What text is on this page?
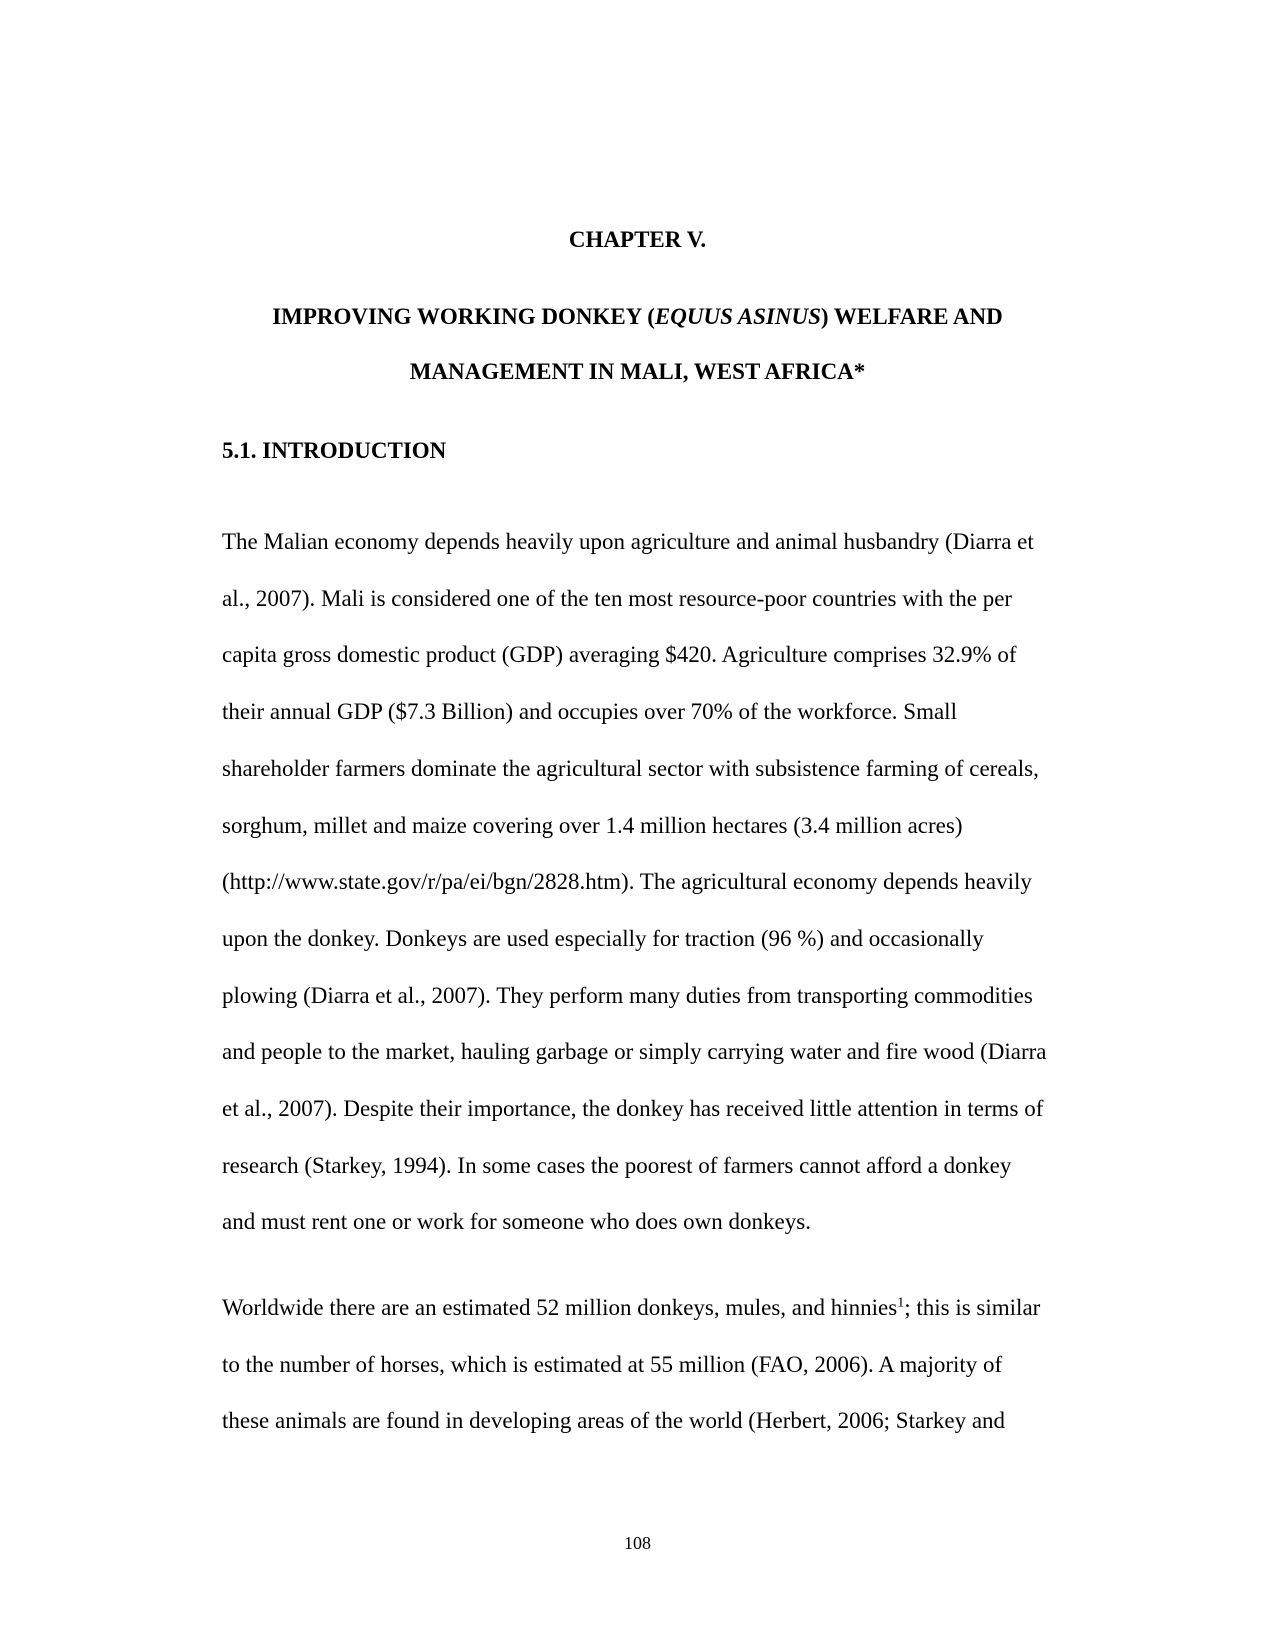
CHAPTER V.
IMPROVING WORKING DONKEY (EQUUS ASINUS) WELFARE AND
MANAGEMENT IN MALI, WEST AFRICA*
5.1. INTRODUCTION
The Malian economy depends heavily upon agriculture and animal husbandry (Diarra et
al., 2007). Mali is considered one of the ten most resource-poor countries with the per
capita gross domestic product (GDP) averaging $420. Agriculture comprises 32.9% of
their annual GDP ($7.3 Billion) and occupies over 70% of the workforce. Small
shareholder farmers dominate the agricultural sector with subsistence farming of cereals,
sorghum, millet and maize covering over 1.4 million hectares (3.4 million acres)
(http://www.state.gov/r/pa/ei/bgn/2828.htm). The agricultural economy depends heavily
upon the donkey. Donkeys are used especially for traction (96 %) and occasionally
plowing (Diarra et al., 2007). They perform many duties from transporting commodities
and people to the market, hauling garbage or simply carrying water and fire wood (Diarra
et al., 2007). Despite their importance, the donkey has received little attention in terms of
research (Starkey, 1994). In some cases the poorest of farmers cannot afford a donkey
and must rent one or work for someone who does own donkeys.
Worldwide there are an estimated 52 million donkeys, mules, and hinnies$^1$; this is similar
to the number of horses, which is estimated at 55 million (FAO, 2006). A majority of
these animals are found in developing areas of the world (Herbert, 2006; Starkey and
108
